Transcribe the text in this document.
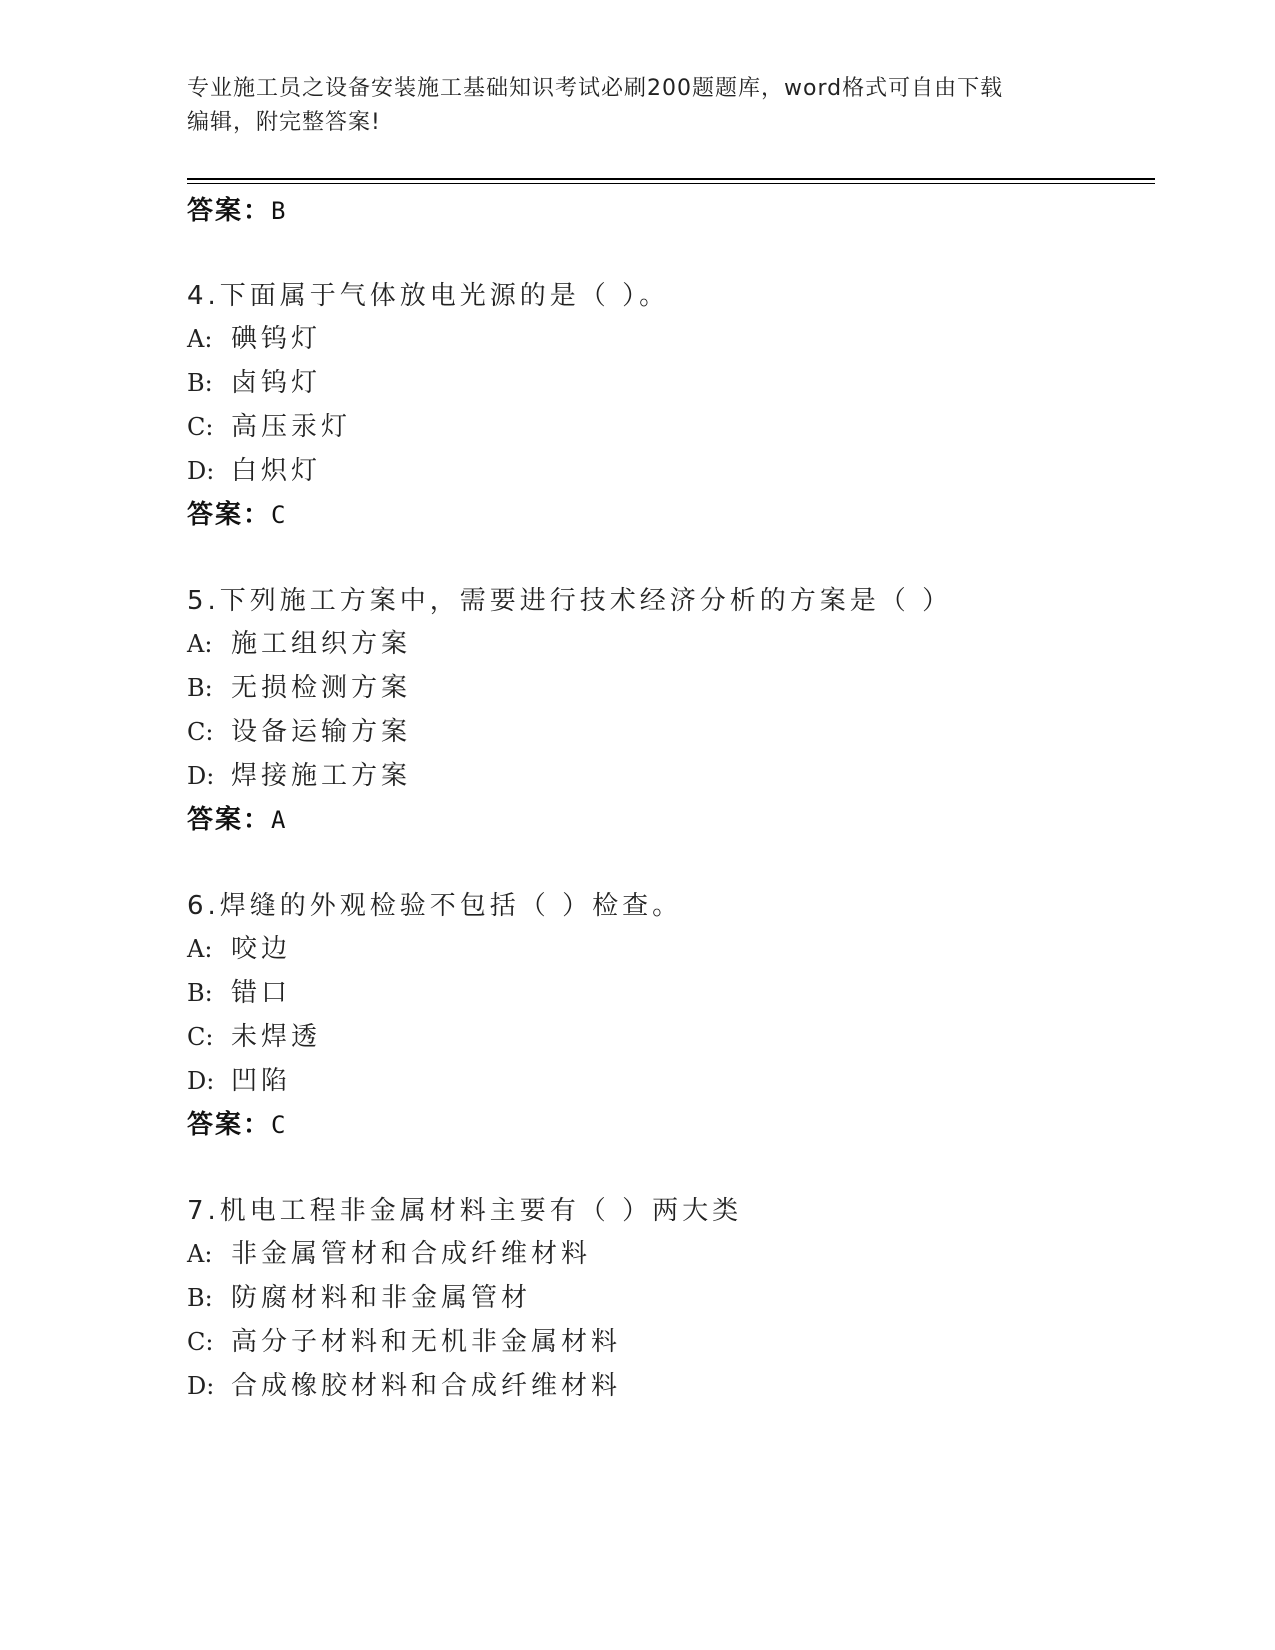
专业施工员之设备安装施工基础知识考试必刷200题题库，word格式可自由下载
编辑，附完整答案!
答案：B
4.下面属于气体放电光源的是（ ）。
A: 碘钨灯
B: 卤钨灯
C: 高压汞灯
D: 白炽灯
答案：C
5.下列施工方案中，需要进行技术经济分析的方案是（ ）
A: 施工组织方案
B: 无损检测方案
C: 设备运输方案
D: 焊接施工方案
答案：A
6.焊缝的外观检验不包括（ ）检查。
A: 咬边
B: 错口
C: 未焊透
D: 凹陷
答案：C
7.机电工程非金属材料主要有（ ）两大类
A: 非金属管材和合成纤维材料
B: 防腐材料和非金属管材
C: 高分子材料和无机非金属材料
D: 合成橡胶材料和合成纤维材料
